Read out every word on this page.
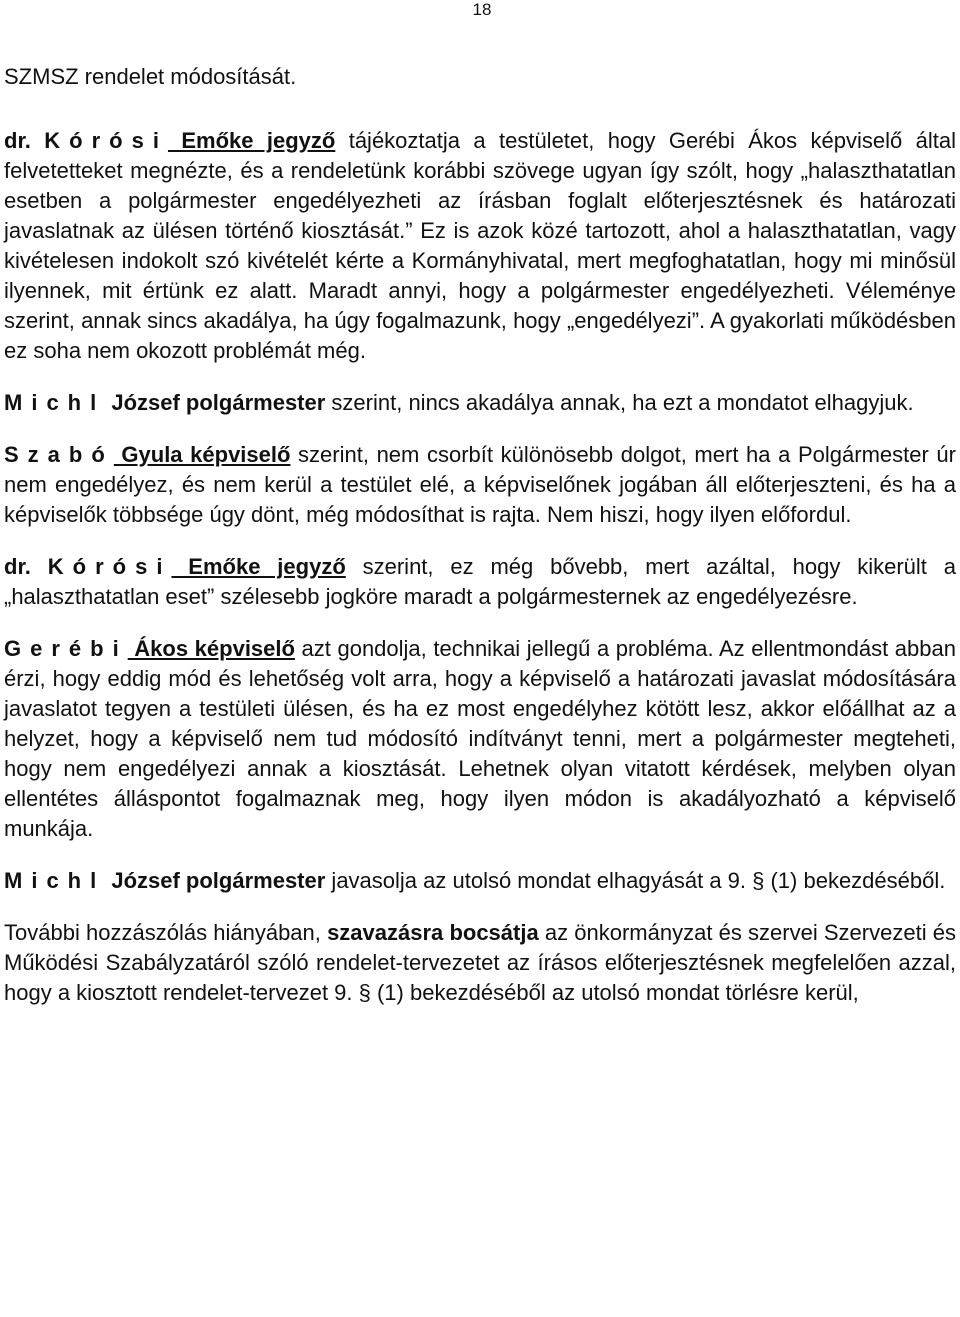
18

SZMSZ rendelet módosítását.

dr. Kórósi Emőke jegyző tájékoztatja a testületet, hogy Gerébi Ákos képviselő által felvetetteket megnézte, és a rendeletünk korábbi szövege ugyan így szólt, hogy „halaszthatatlan esetben a polgármester engedélyezheti az írásban foglalt előterjesztésnek és határozati javaslatnak az ülésen történő kiosztását.” Ez is azok közé tartozott, ahol a halaszthatatlan, vagy kivételesen indokolt szó kivételét kérte a Kormányhivatal, mert megfoghatatlan, hogy mi minősül ilyennek, mit értünk ez alatt. Maradt annyi, hogy a polgármester engedélyezheti. Véleménye szerint, annak sincs akadálya, ha úgy fogalmazunk, hogy „engedélyezi”. A gyakorlati működésben ez soha nem okozott problémát még.

Michl József polgármester szerint, nincs akadálya annak, ha ezt a mondatot elhagyjuk.

Szabó Gyula képviselő szerint, nem csorbít különösebb dolgot, mert ha a Polgármester úr nem engedélyez, és nem kerül a testület elé, a képviselőnek jogában áll előterjeszteni, és ha a képviselők többsége úgy dönt, még módosíthat is rajta. Nem hiszi, hogy ilyen előfordul.

dr. Kórósi Emőke jegyző szerint, ez még bővebb, mert azáltal, hogy kikerült a „halaszthatatlan eset” szélesebb jogköre maradt a polgármesternek az engedélyezésre.

Gerébi Ákos képviselő azt gondolja, technikai jellegű a probléma. Az ellentmondást abban érzi, hogy eddig mód és lehetőség volt arra, hogy a képviselő a határozati javaslat módosítására javaslatot tegyen a testületi ülésen, és ha ez most engedélyhez kötött lesz, akkor előállhat az a helyzet, hogy a képviselő nem tud módosító indítványt tenni, mert a polgármester megteheti, hogy nem engedélyezi annak a kiosztását. Lehetnek olyan vitatott kérdések, melyben olyan ellentétes álláspontot fogalmaznak meg, hogy ilyen módon is akadályozható a képviselő munkája.

Michl József polgármester javasolja az utolsó mondat elhagyását a 9. § (1) bekezdéséből.

További hozzászólás hiányában, szavazásra bocsátja az önkormányzat és szervei Szervezeti és Működési Szabályzatáról szóló rendelet-tervezetet az írásos előterjesztésnek megfelelően azzal, hogy a kiosztott rendelet-tervezet 9. § (1) bekezdéséből az utolsó mondat törlésre kerül,
